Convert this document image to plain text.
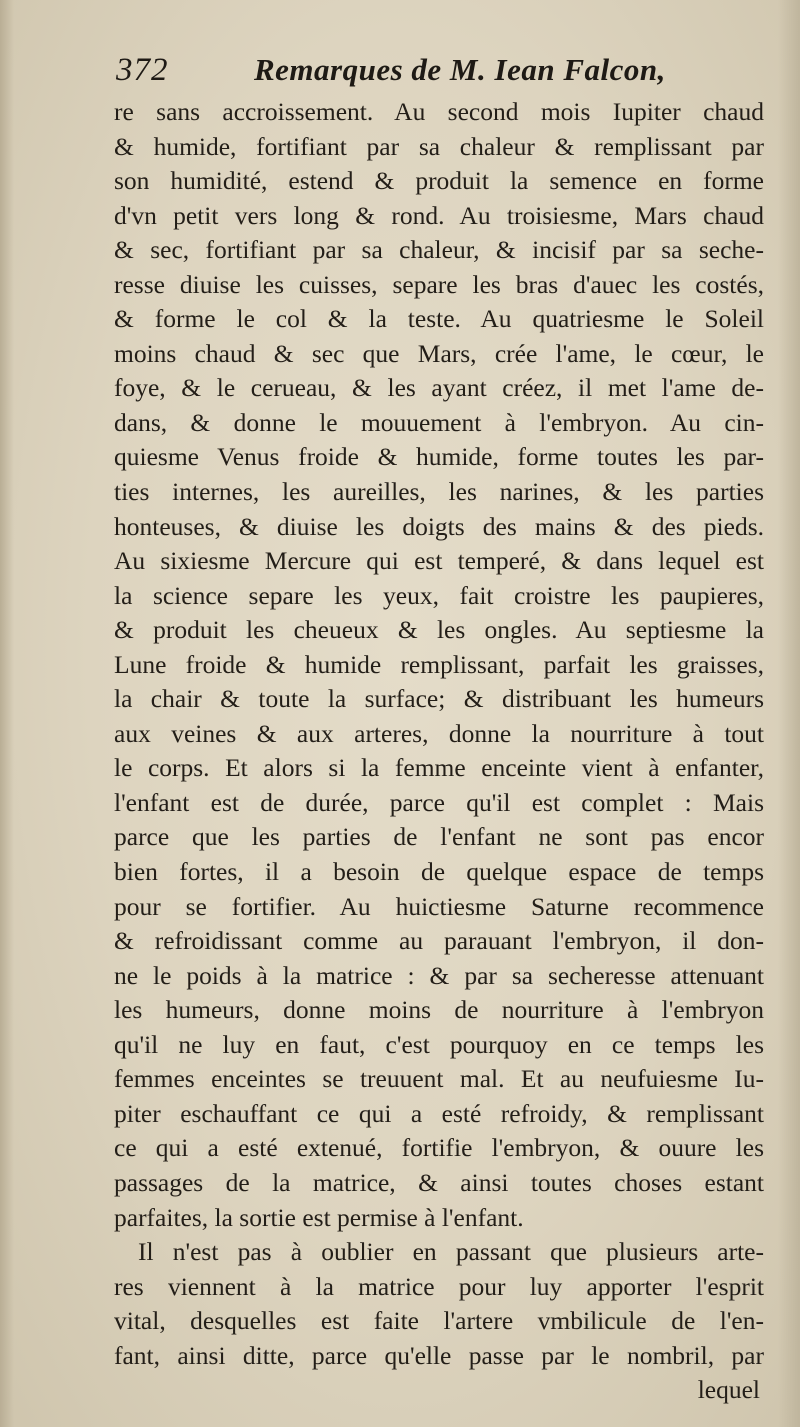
372	Remarques de M. Iean Falcon,
re sans accroissement. Au second mois Iupiter chaud
& humide, fortifiant par sa chaleur & remplissant par
son humidité, estend & produit la semence en forme
d'vn petit vers long & rond. Au troisiesme, Mars chaud
& sec, fortifiant par sa chaleur, & incisif par sa seche-
resse diuise les cuisses, separe les bras d'auec les costés,
& forme le col & la teste. Au quatriesme le Soleil
moins chaud & sec que Mars, crée l'ame, le cœur, le
foye, & le cerueau, & les ayant créez, il met l'ame de-
dans, & donne le mouuement à l'embryon. Au cin-
quiesme Venus froide & humide, forme toutes les par-
ties internes, les aureilles, les narines, & les parties
honteuses, & diuise les doigts des mains & des pieds.
Au sixiesme Mercure qui est temperé, & dans lequel est
la science separe les yeux, fait croistre les paupieres,
& produit les cheueux & les ongles. Au septiesme la
Lune froide & humide remplissant, parfait les graisses,
la chair & toute la surface; & distribuant les humeurs
aux veines & aux arteres, donne la nourriture à tout
le corps. Et alors si la femme enceinte vient à enfanter,
l'enfant est de durée, parce qu'il est complet : Mais
parce que les parties de l'enfant ne sont pas encor
bien fortes, il a besoin de quelque espace de temps
pour se fortifier. Au huictiesme Saturne recommence
& refroidissant comme au parauant l'embryon, il don-
ne le poids à la matrice : & par sa secheresse attenuant
les humeurs, donne moins de nourriture à l'embryon
qu'il ne luy en faut, c'est pourquoy en ce temps les
femmes enceintes se treuuent mal. Et au neufuiesme Iu-
piter eschauffant ce qui a esté refroidy, & remplissant
ce qui a esté extenué, fortifie l'embryon, & ouure les
passages de la matrice, & ainsi toutes choses estant
parfaites, la sortie est permise à l'enfant.
Il n'est pas à oublier en passant que plusieurs arte-
res viennent à la matrice pour luy apporter l'esprit
vital, desquelles est faite l'artere vmbilicule de l'en-
fant, ainsi ditte, parce qu'elle passe par le nombril, par
lequel
